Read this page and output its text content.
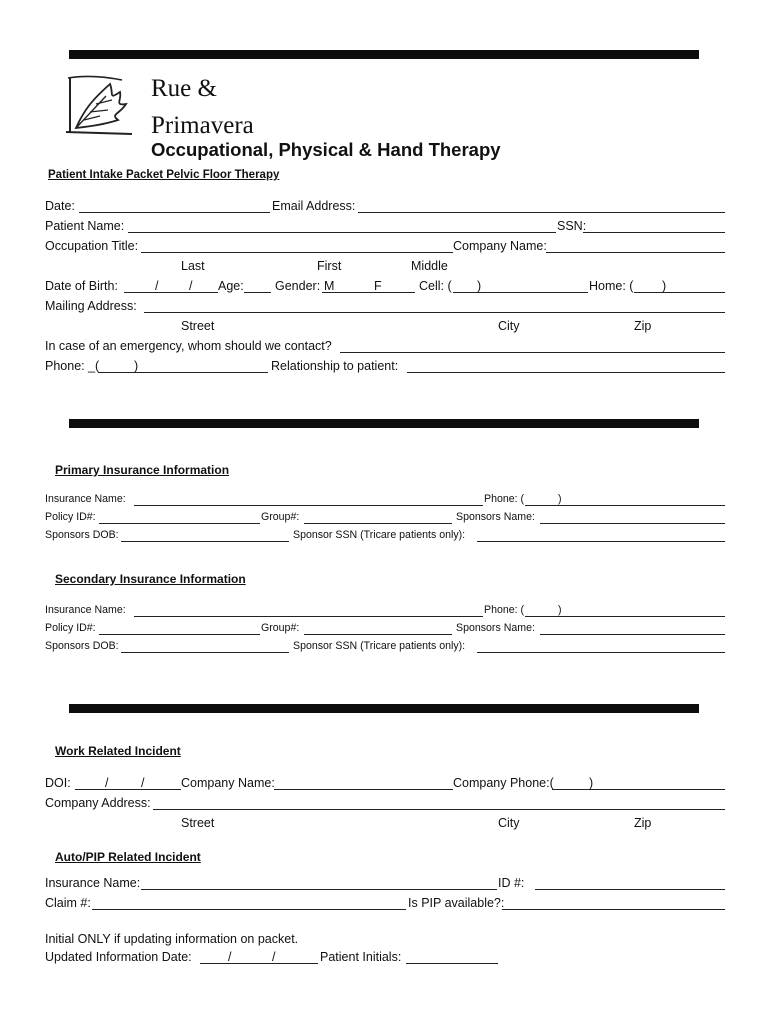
Rue &
Primavera
Occupational, Physical & Hand Therapy
Patient Intake Packet Pelvic Floor Therapy
Date:	Email Address:
Patient Name:	SSN:
Occupation Title:	Company Name:
Last	First	Middle
Date of Birth:	/ / Age:	Gender: M	F	Cell: ( )	Home: ( )
Mailing Address:
Street	City	Zip
In case of an emergency, whom should we contact?
Phone: _(	)	Relationship to patient:
Primary Insurance Information
Insurance Name:	Phone: (	)
Policy ID#:	Group#:	Sponsors Name:
Sponsors DOB:	Sponsor SSN (Tricare patients only):
Secondary Insurance Information
Insurance Name:	Phone: (	)
Policy ID#:	Group#:	Sponsors Name:
Sponsors DOB:	Sponsor SSN (Tricare patients only):
Work Related Incident
DOI:	/	/	Company Name:	Company Phone:(	)
Company Address:
Street	City	Zip
Auto/PIP Related Incident
Insurance Name:	ID #:
Claim #:	Is PIP available?:
Initial ONLY if updating information on packet.
Updated Information Date:	/	/	Patient Initials:
